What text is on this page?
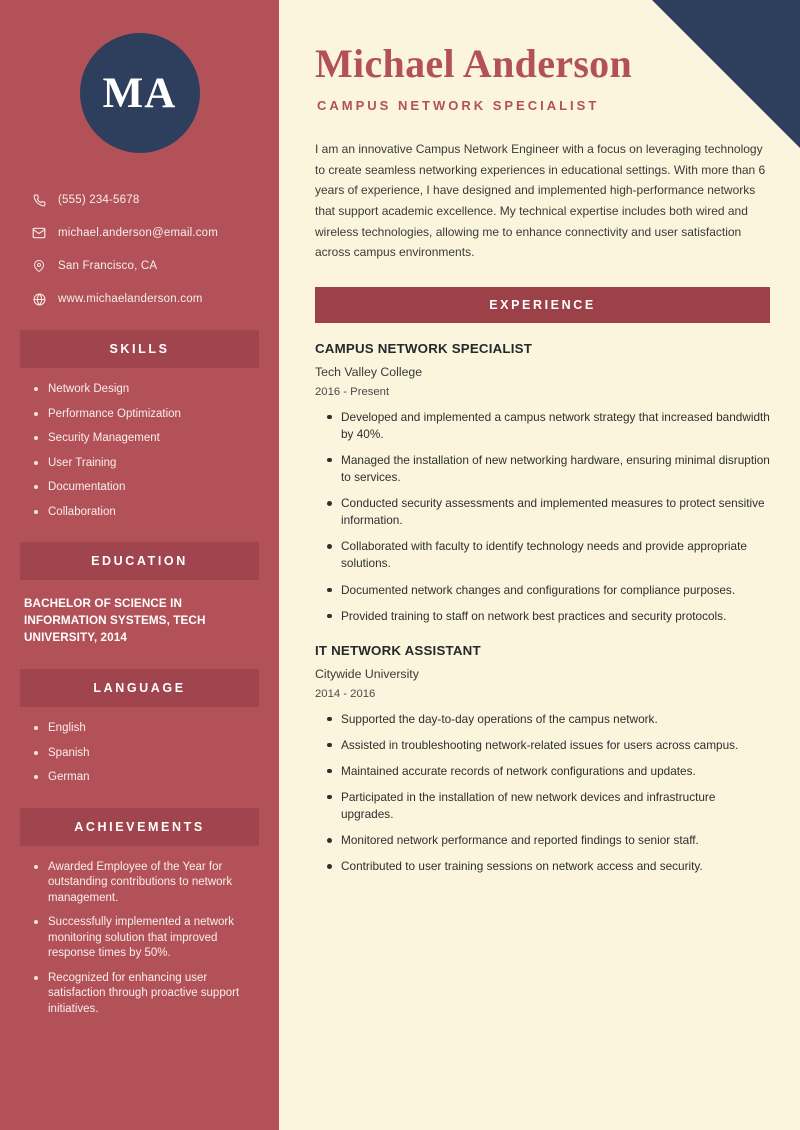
MA
(555) 234-5678
michael.anderson@email.com
San Francisco, CA
www.michaelanderson.com
SKILLS
Network Design
Performance Optimization
Security Management
User Training
Documentation
Collaboration
EDUCATION
BACHELOR OF SCIENCE IN INFORMATION SYSTEMS, TECH UNIVERSITY, 2014
LANGUAGE
English
Spanish
German
ACHIEVEMENTS
Awarded Employee of the Year for outstanding contributions to network management.
Successfully implemented a network monitoring solution that improved response times by 50%.
Recognized for enhancing user satisfaction through proactive support initiatives.
Michael Anderson
CAMPUS NETWORK SPECIALIST

I am an innovative Campus Network Engineer with a focus on leveraging technology to create seamless networking experiences in educational settings. With more than 6 years of experience, I have designed and implemented high-performance networks that support academic excellence. My technical expertise includes both wired and wireless technologies, allowing me to enhance connectivity and user satisfaction across campus environments.

EXPERIENCE
CAMPUS NETWORK SPECIALIST
Tech Valley College
2016 - Present
Developed and implemented a campus network strategy that increased bandwidth by 40%.
Managed the installation of new networking hardware, ensuring minimal disruption to services.
Conducted security assessments and implemented measures to protect sensitive information.
Collaborated with faculty to identify technology needs and provide appropriate solutions.
Documented network changes and configurations for compliance purposes.
Provided training to staff on network best practices and security protocols.
IT NETWORK ASSISTANT
Citywide University
2014 - 2016
Supported the day-to-day operations of the campus network.
Assisted in troubleshooting network-related issues for users across campus.
Maintained accurate records of network configurations and updates.
Participated in the installation of new network devices and infrastructure upgrades.
Monitored network performance and reported findings to senior staff.
Contributed to user training sessions on network access and security.
